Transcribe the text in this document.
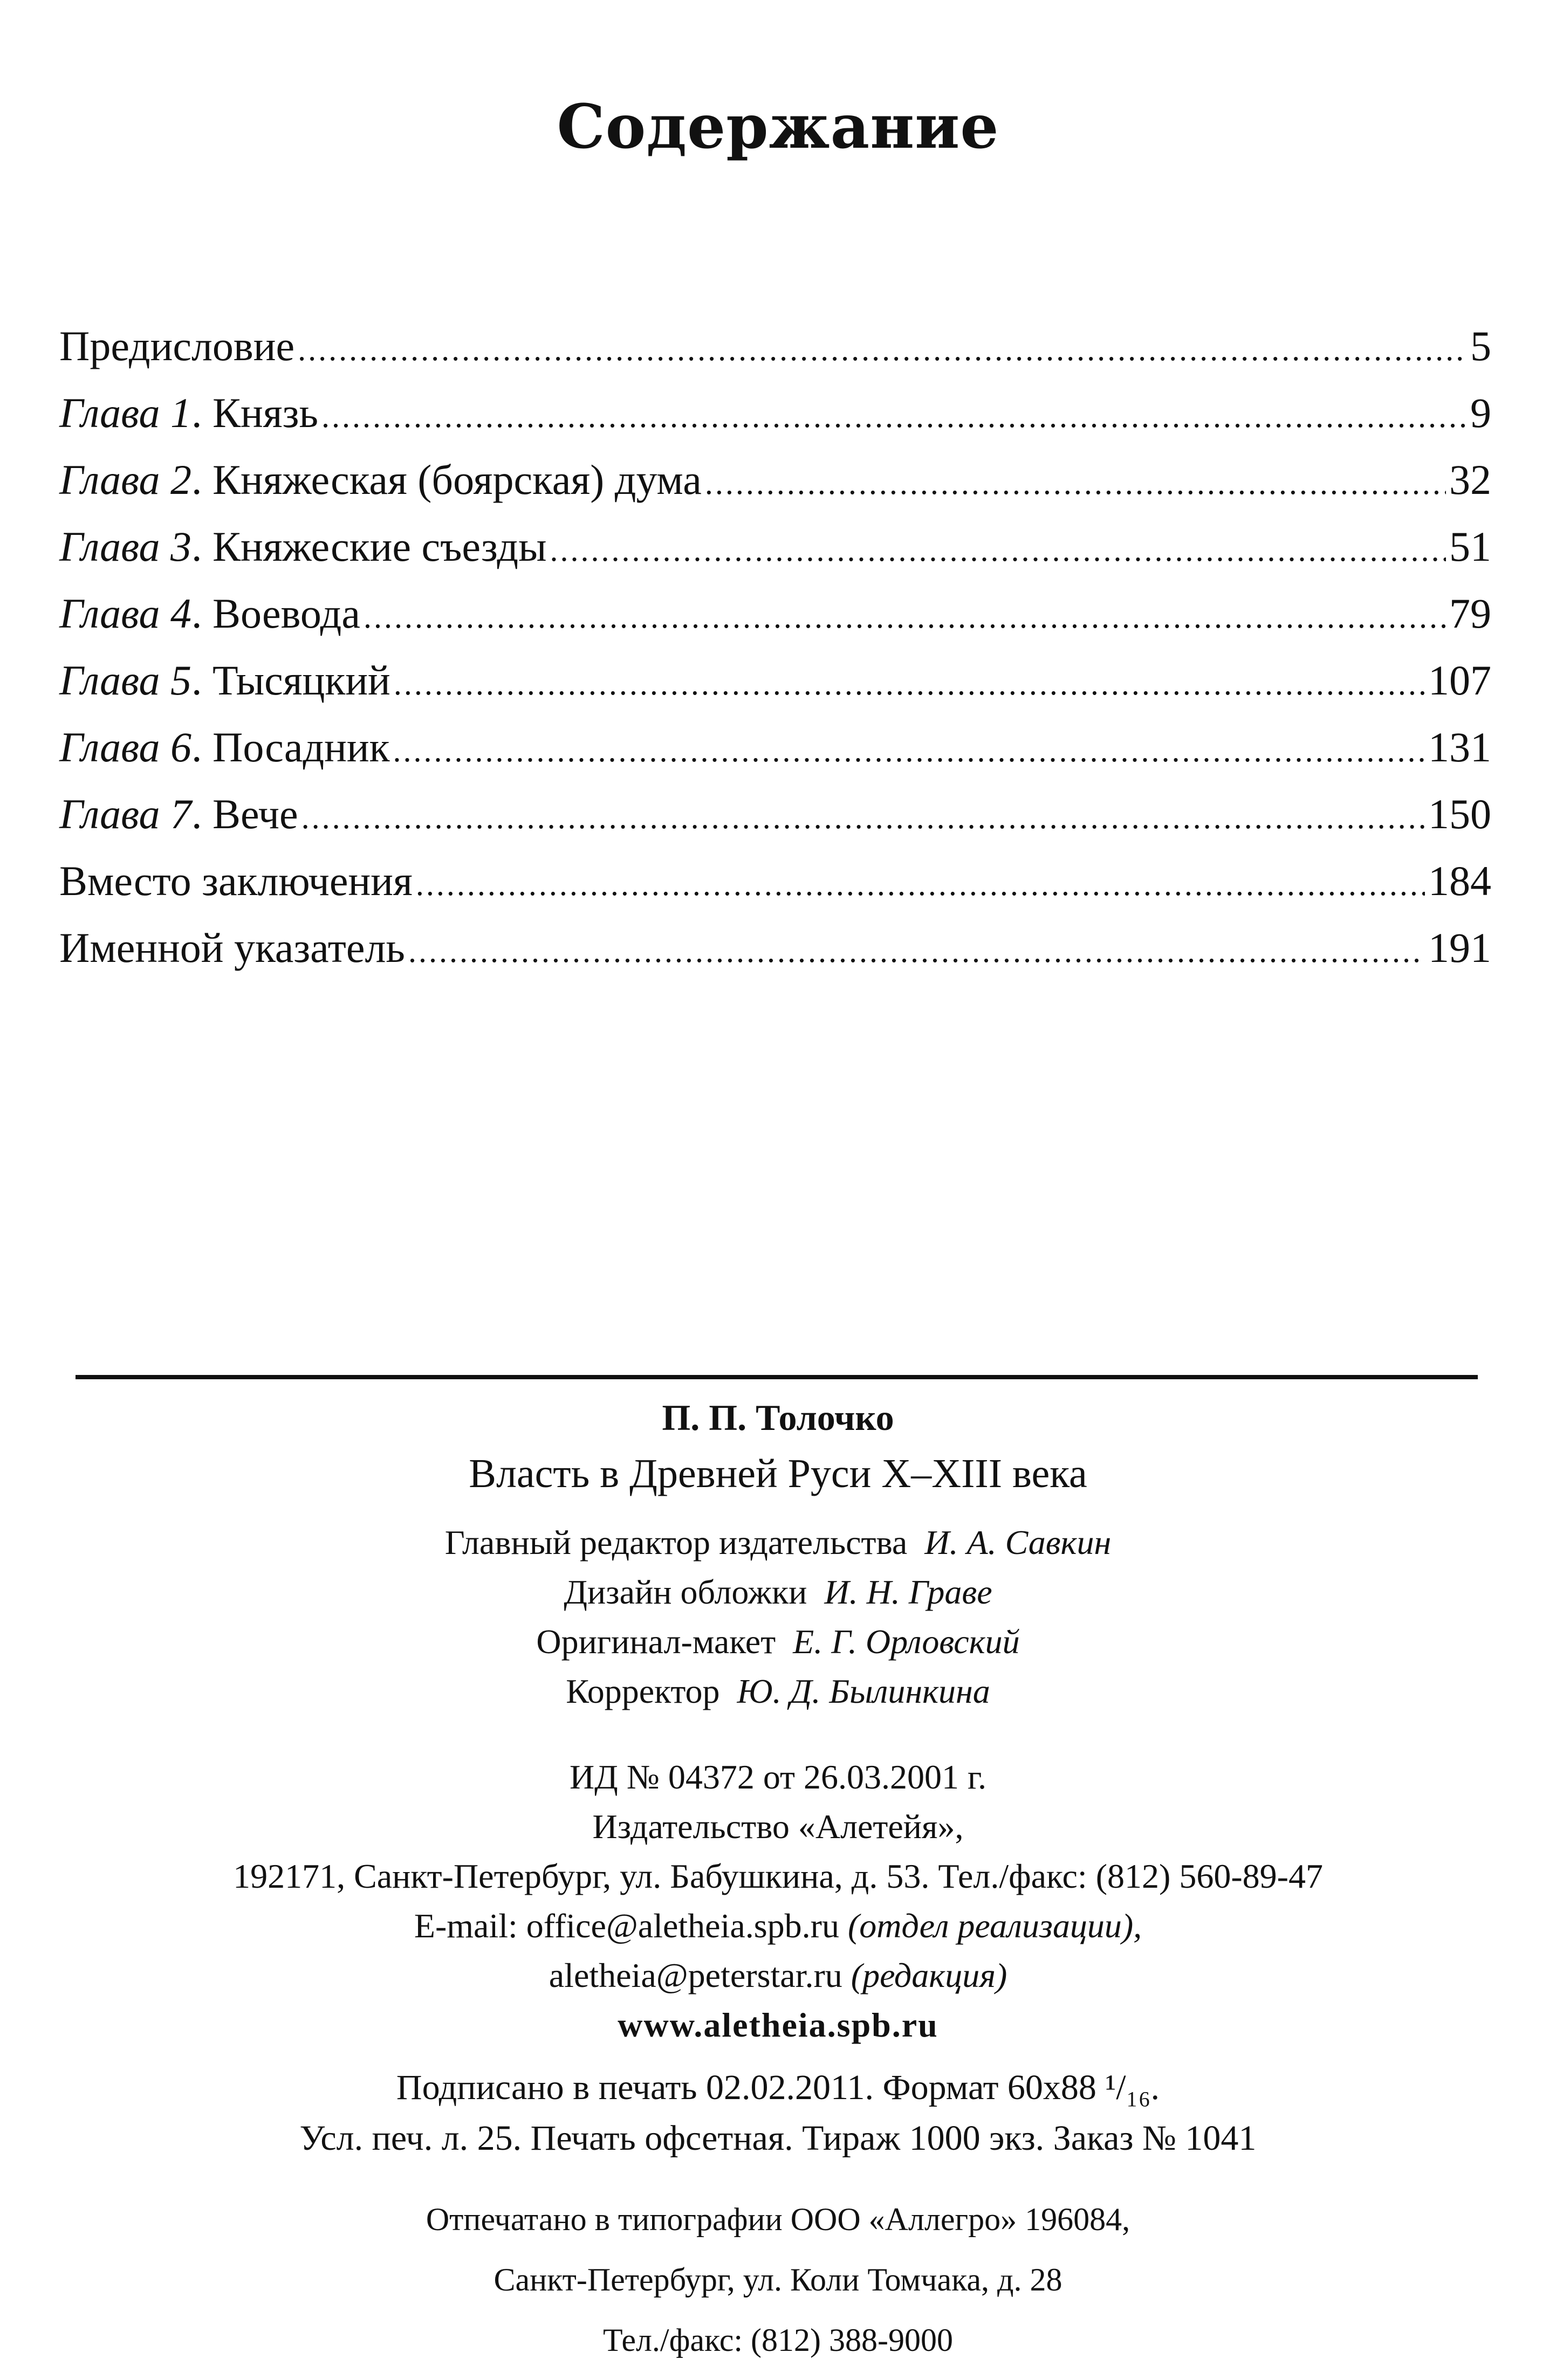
Содержание
Предисловие .....	5
Глава 1. Князь .....	9
Глава 2. Княжеская (боярская) дума .....	32
Глава 3. Княжеские съезды .....	51
Глава 4. Воевода .....	79
Глава 5. Тысяцкий .....	107
Глава 6. Посадник .....	131
Глава 7. Вече .....	150
Вместо заключения .....	184
Именной указатель .....	191
П. П. Толочко
Власть в Древней Руси X–XIII века
Главный редактор издательства И. А. Савкин
Дизайн обложки И. Н. Граве
Оригинал-макет Е. Г. Орловский
Корректор Ю. Д. Былинкина
ИД № 04372 от 26.03.2001 г.
Издательство «Алетейя»,
192171, Санкт-Петербург, ул. Бабушкина, д. 53. Тел./факс: (812) 560-89-47
E-mail: office@aletheia.spb.ru (отдел реализации),
aletheia@peterstar.ru (редакция)
www.aletheia.spb.ru
Подписано в печать 02.02.2011. Формат 60х88 ¹/₁₆.
Усл. печ. л. 25. Печать офсетная. Тираж 1000 экз. Заказ № 1041
Отпечатано в типографии ООО «Аллегро» 196084,
Санкт-Петербург, ул. Коли Томчака, д. 28
Тел./факс: (812) 388-9000
